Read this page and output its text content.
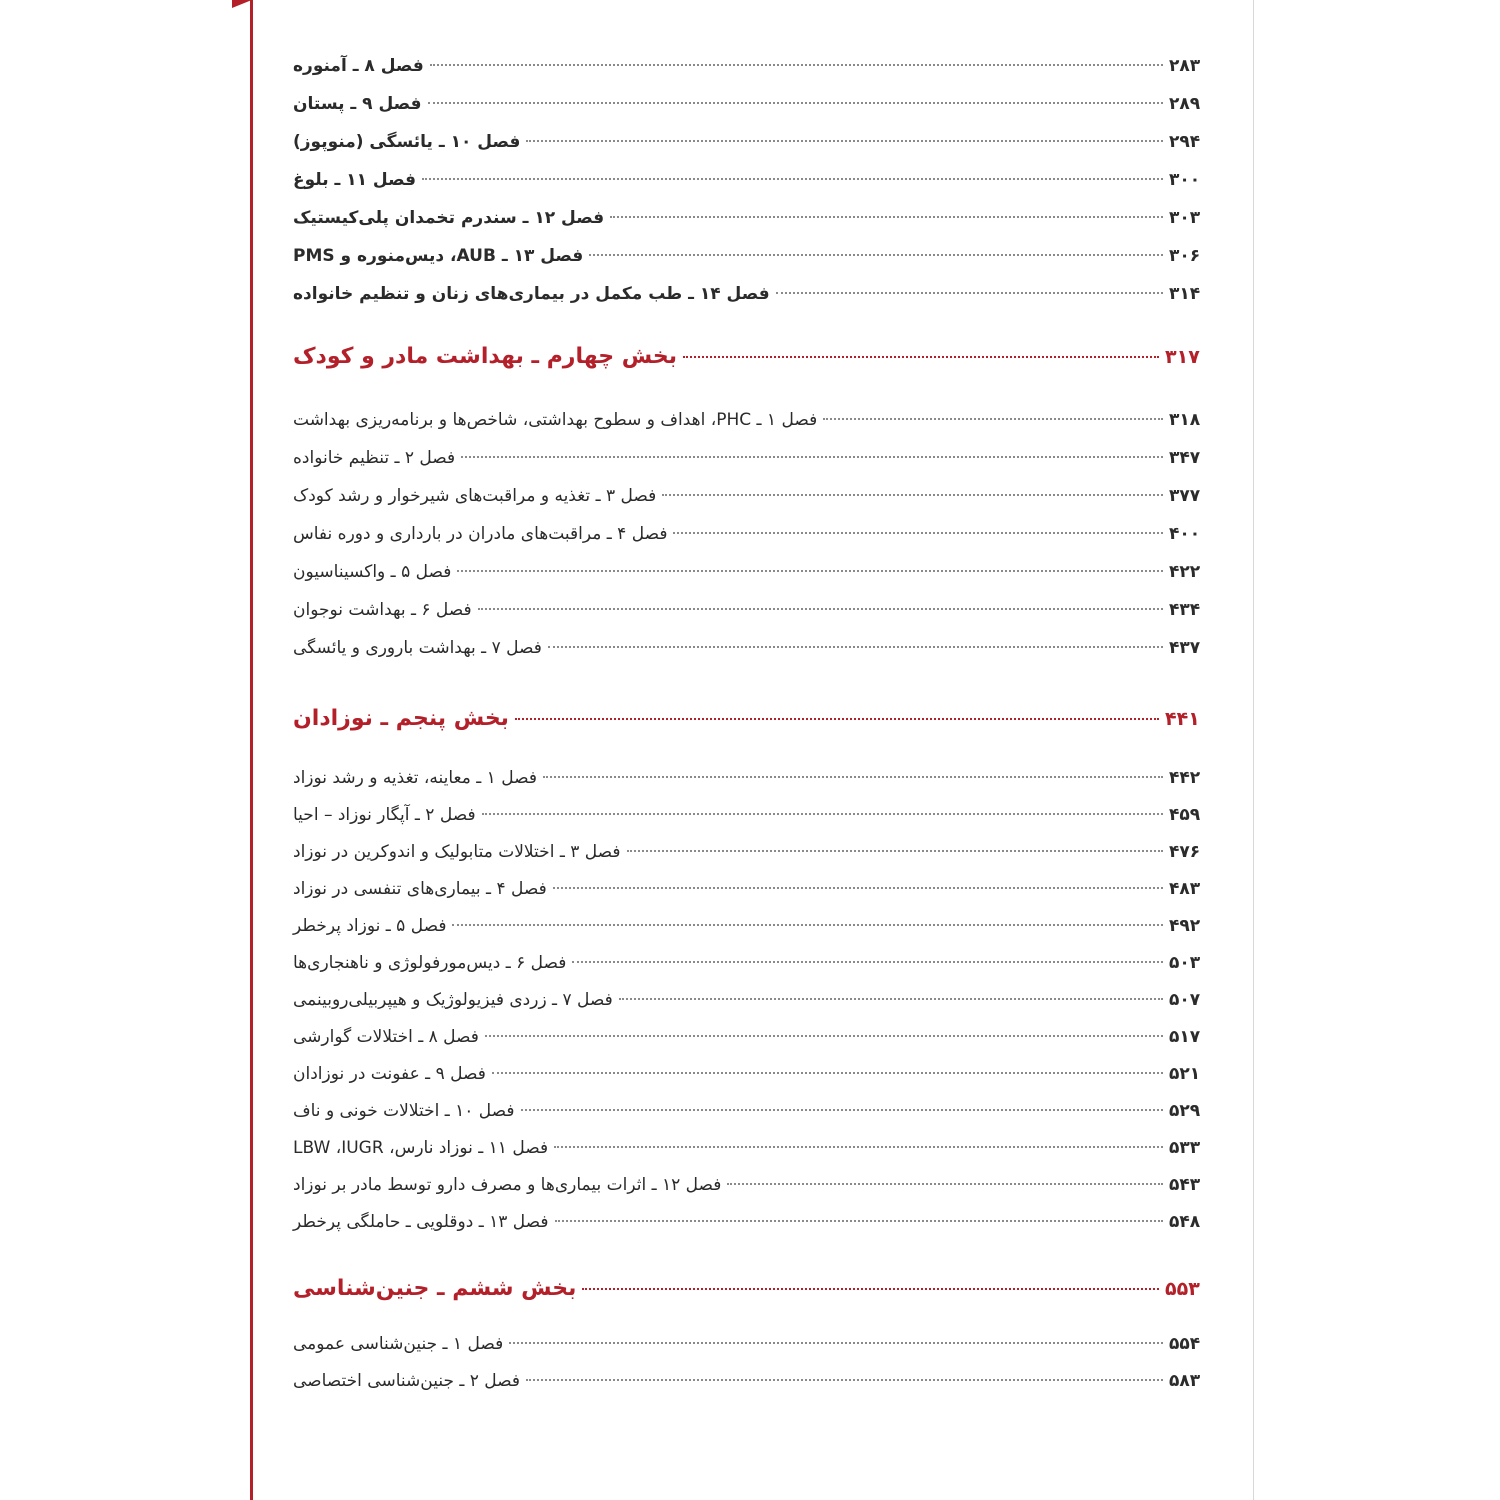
فصل ۸ ـ آمنوره	۲۸۳
فصل ۹ ـ پستان	۲۸۹
فصل ۱۰ ـ یائسگی (منوپوز)	۲۹۴
فصل ۱۱ ـ بلوغ	۳۰۰
فصل ۱۲ ـ سندرم تخمدان پلی‌کیستیک	۳۰۳
فصل ۱۳ ـ AUB، دیس‌منوره و PMS	۳۰۶
فصل ۱۴ ـ طب مکمل در بیماری‌های زنان و تنظیم خانواده	۳۱۴
بخش چهارم ـ بهداشت مادر و کودک	۳۱۷
فصل ۱ ـ PHC، اهداف و سطوح بهداشتی، شاخص‌ها و برنامه‌ریزی بهداشت	۳۱۸
فصل ۲ ـ تنظیم خانواده	۳۴۷
فصل ۳ ـ تغذیه و مراقبت‌های شیرخوار و رشد کودک	۳۷۷
فصل ۴ ـ مراقبت‌های مادران در بارداری و دوره نفاس	۴۰۰
فصل ۵ ـ واکسیناسیون	۴۲۲
فصل ۶ ـ بهداشت نوجوان	۴۳۴
فصل ۷ ـ بهداشت باروری و یائسگی	۴۳۷
بخش پنجم ـ نوزادان	۴۴۱
فصل ۱ ـ معاینه، تغذیه و رشد نوزاد	۴۴۲
فصل ۲ ـ آپگار نوزاد – احیا	۴۵۹
فصل ۳ ـ اختلالات متابولیک و اندوکرین در نوزاد	۴۷۶
فصل ۴ ـ بیماری‌های تنفسی در نوزاد	۴۸۳
فصل ۵ ـ نوزاد پرخطر	۴۹۲
فصل ۶ ـ دیس‌مورفولوژی و ناهنجاری‌ها	۵۰۳
فصل ۷ ـ زردی فیزیولوژیک و هیپربیلی‌روبینمی	۵۰۷
فصل ۸ ـ اختلالات گوارشی	۵۱۷
فصل ۹ ـ عفونت در نوزادان	۵۲۱
فصل ۱۰ ـ اختلالات خونی و ناف	۵۲۹
فصل ۱۱ ـ نوزاد نارس، LBW ،IUGR	۵۳۳
فصل ۱۲ ـ اثرات بیماری‌ها و مصرف دارو توسط مادر بر نوزاد	۵۴۳
فصل ۱۳ ـ دوقلویی ـ حاملگی پرخطر	۵۴۸
بخش ششم ـ جنین‌شناسی	۵۵۳
فصل ۱ ـ جنین‌شناسی عمومی	۵۵۴
فصل ۲ ـ جنین‌شناسی اختصاصی	۵۸۳
